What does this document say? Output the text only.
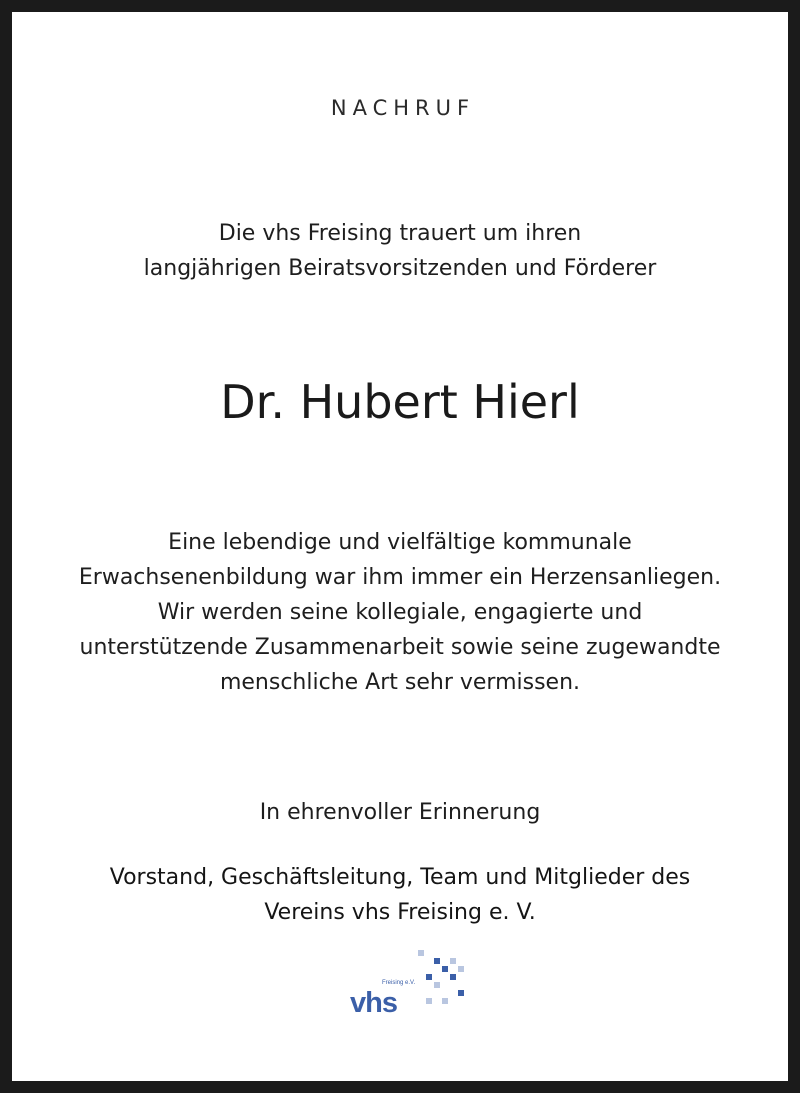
NACHRUF
Die vhs Freising trauert um ihren
langjährigen Beiratsvorsitzenden und Förderer
Dr. Hubert Hierl
Eine lebendige und vielfältige kommunale
Erwachsenenbildung war ihm immer ein Herzensanliegen.
Wir werden seine kollegiale, engagierte und
unterstützende Zusammenarbeit sowie seine zugewandte
menschliche Art sehr vermissen.
In ehrenvoller Erinnerung
Vorstand, Geschäftsleitung, Team und Mitglieder des
Vereins vhs Freising e. V.
Freising e.V.
vhs
